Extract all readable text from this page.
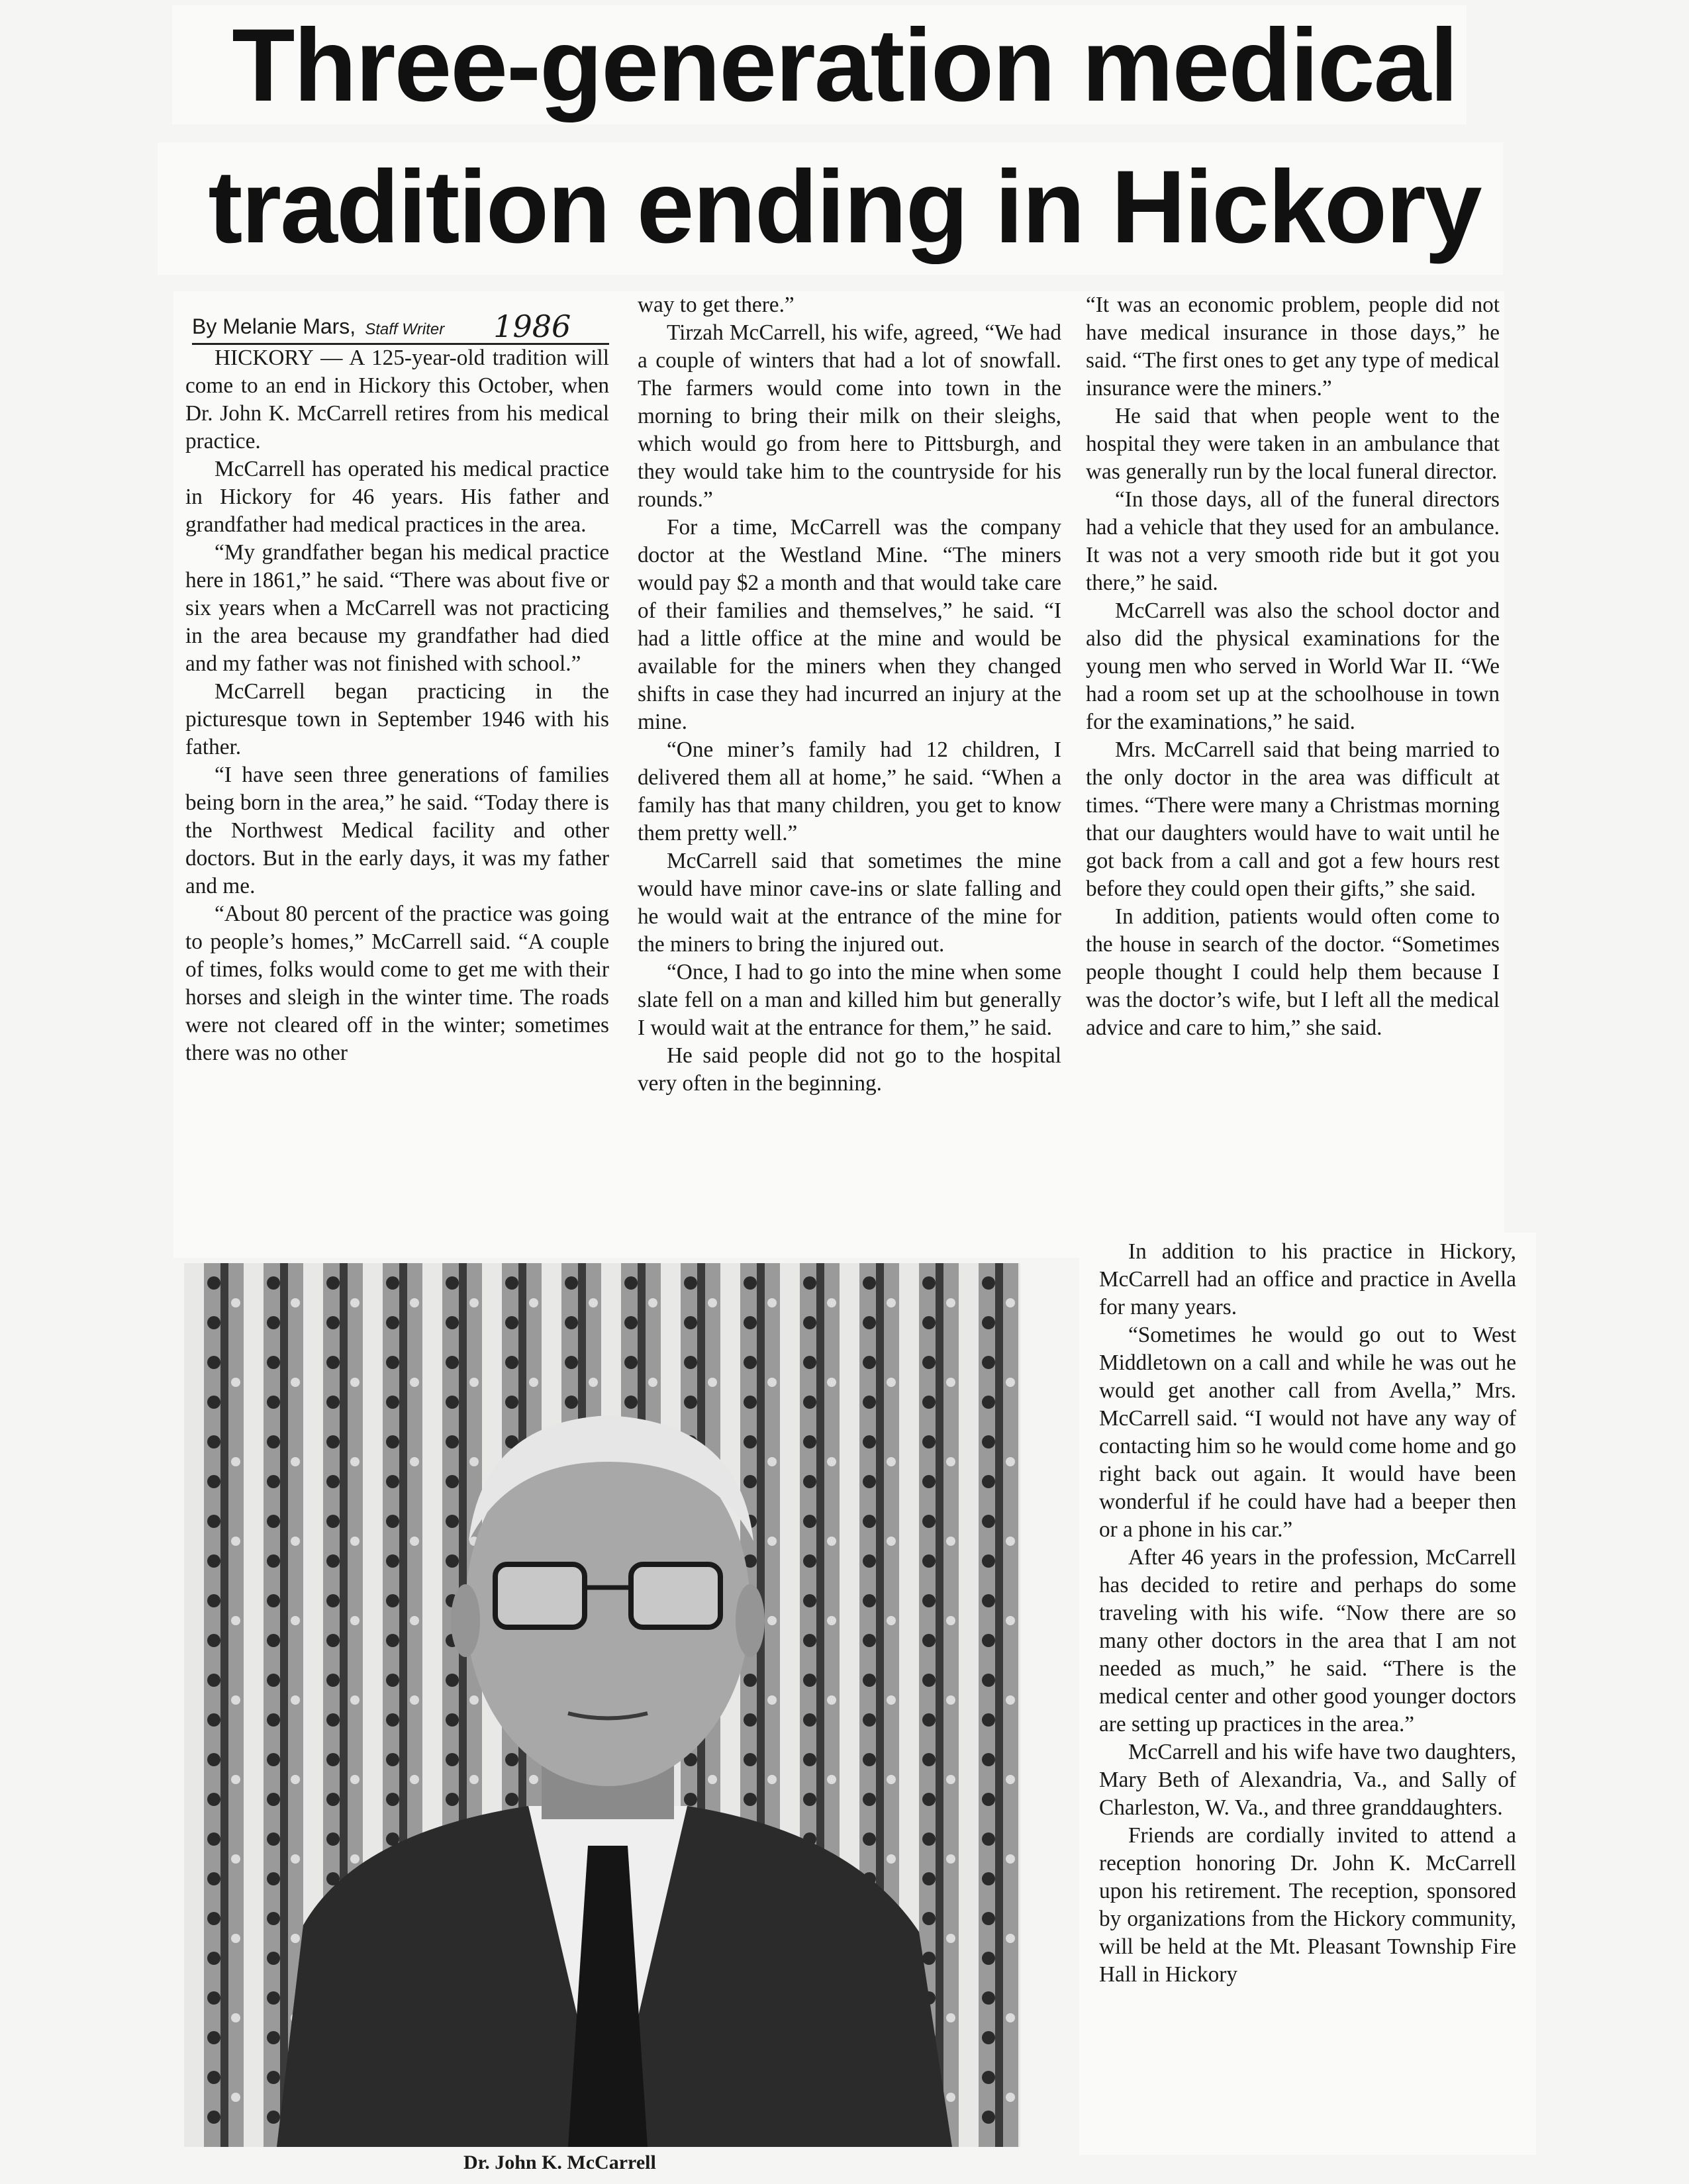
Three-generation medical
tradition ending in Hickory
By Melanie Mars, Staff Writer 1986

HICKORY — A 125-year-old tradition will come to an end in Hickory this October, when Dr. John K. McCarrell retires from his medical practice.

McCarrell has operated his medical practice in Hickory for 46 years. His father and grandfather had medical practices in the area.

“My grandfather began his medical practice here in 1861,” he said. “There was about five or six years when a McCarrell was not practicing in the area because my grandfather had died and my father was not finished with school.”

McCarrell began practicing in the picturesque town in September 1946 with his father.

“I have seen three generations of families being born in the area,” he said. “Today there is the Northwest Medical facility and other doctors. But in the early days, it was my father and me.

“About 80 percent of the practice was going to people’s homes,” McCarrell said. “A couple of times, folks would come to get me with their horses and sleigh in the winter time. The roads were not cleared off in the winter; sometimes there was no other

way to get there.”

Tirzah McCarrell, his wife, agreed, “We had a couple of winters that had a lot of snowfall. The farmers would come into town in the morning to bring their milk on their sleighs, which would go from here to Pittsburgh, and they would take him to the countryside for his rounds.”

For a time, McCarrell was the company doctor at the Westland Mine. “The miners would pay $2 a month and that would take care of their families and themselves,” he said. “I had a little office at the mine and would be available for the miners when they changed shifts in case they had incurred an injury at the mine.

“One miner’s family had 12 children, I delivered them all at home,” he said. “When a family has that many children, you get to know them pretty well.”

McCarrell said that sometimes the mine would have minor cave-ins or slate falling and he would wait at the entrance of the mine for the miners to bring the injured out.

“Once, I had to go into the mine when some slate fell on a man and killed him but generally I would wait at the entrance for them,” he said.

He said people did not go to the hospital very often in the beginning.

“It was an economic problem, people did not have medical insurance in those days,” he said. “The first ones to get any type of medical insurance were the miners.”

He said that when people went to the hospital they were taken in an ambulance that was generally run by the local funeral director.

“In those days, all of the funeral directors had a vehicle that they used for an ambulance. It was not a very smooth ride but it got you there,” he said.

McCarrell was also the school doctor and also did the physical examinations for the young men who served in World War II. “We had a room set up at the schoolhouse in town for the examinations,” he said.

Mrs. McCarrell said that being married to the only doctor in the area was difficult at times. “There were many a Christmas morning that our daughters would have to wait until he got back from a call and got a few hours rest before they could open their gifts,” she said.

In addition, patients would often come to the house in search of the doctor. “Sometimes people thought I could help them because I was the doctor’s wife, but I left all the medical advice and care to him,” she said.

In addition to his practice in Hickory, McCarrell had an office and practice in Avella for many years.

“Sometimes he would go out to West Middletown on a call and while he was out he would get another call from Avella,” Mrs. McCarrell said. “I would not have any way of contacting him so he would come home and go right back out again. It would have been wonderful if he could have had a beeper then or a phone in his car.”

After 46 years in the profession, McCarrell has decided to retire and perhaps do some traveling with his wife. “Now there are so many other doctors in the area that I am not needed as much,” he said. “There is the medical center and other good younger doctors are setting up practices in the area.”

McCarrell and his wife have two daughters, Mary Beth of Alexandria, Va., and Sally of Charleston, W. Va., and three granddaughters.

Friends are cordially invited to attend a reception honoring Dr. John K. McCarrell upon his retirement. The reception, sponsored by organizations from the Hickory community, will be held at the Mt. Pleasant Township Fire Hall in Hickory

Dr. John K. McCarrell
